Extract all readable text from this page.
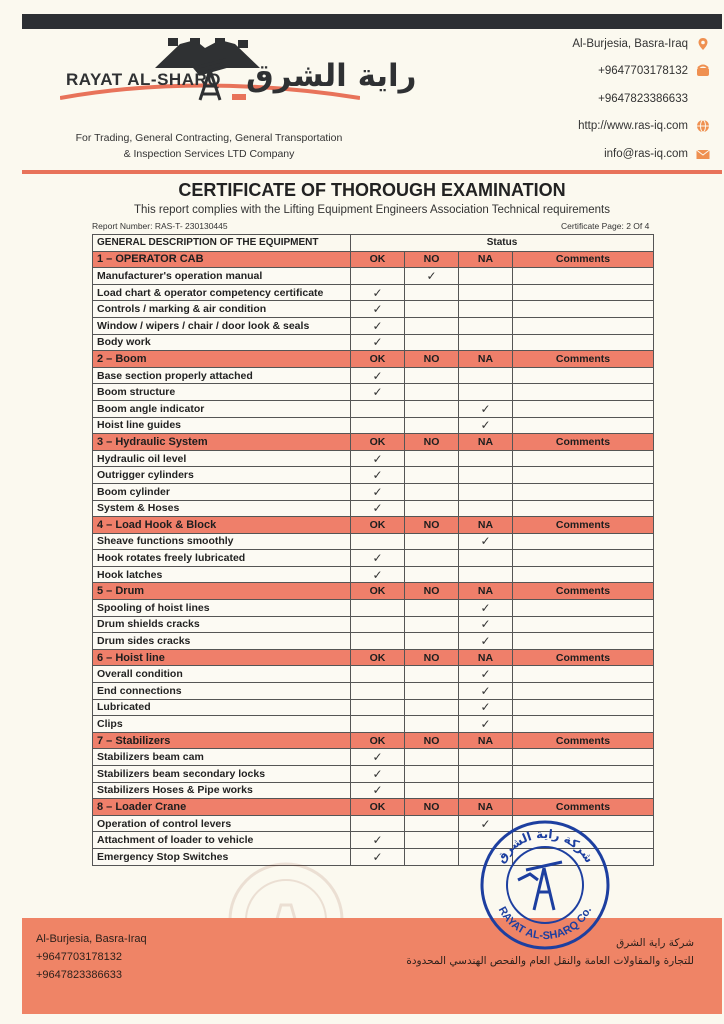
RAYAT AL-SHARQ راية الشرق
For Trading, General Contracting, General Transportation
& Inspection Services LTD Company
Al-Burjesia, Basra-Iraq
+9647703178132
+9647823386633
http://www.ras-iq.com
info@ras-iq.com
CERTIFICATE OF THOROUGH EXAMINATION
This report complies with the Lifting Equipment Engineers Association Technical requirements
Report Number: RAS-T- 230130445	Certificate Page: 2 Of 4
GENERAL DESCRIPTION OF THE EQUIPMENT	Status			
1 – OPERATOR CAB	OK	NO	NA	Comments
Manufacturer's operation manual		✓		
Load chart & operator competency certificate	✓			
Controls / marking & air condition	✓			
Window / wipers / chair / door look & seals	✓			
Body work	✓			
2 – Boom	OK	NO	NA	Comments
Base section properly attached	✓			
Boom structure	✓			
Boom angle indicator			✓	
Hoist line guides			✓	
3 – Hydraulic System	OK	NO	NA	Comments
Hydraulic oil level	✓			
Outrigger cylinders	✓			
Boom cylinder	✓			
System & Hoses	✓			
4 – Load Hook & Block	OK	NO	NA	Comments
Sheave functions smoothly			✓	
Hook rotates freely lubricated	✓			
Hook latches	✓			
5 – Drum	OK	NO	NA	Comments
Spooling of hoist lines			✓	
Drum shields cracks			✓	
Drum sides cracks			✓	
6 – Hoist line	OK	NO	NA	Comments
Overall condition			✓	
End connections			✓	
Lubricated			✓	
Clips			✓	
7 – Stabilizers	OK	NO	NA	Comments
Stabilizers beam cam	✓			
Stabilizers beam secondary locks	✓			
Stabilizers Hoses & Pipe works	✓			
8 – Loader Crane	OK	NO	NA	Comments
Operation of control levers			✓	
Attachment of loader to vehicle	✓			
Emergency Stop Switches	✓			
Al-Burjesia, Basra-Iraq
+9647703178132
+9647823386633
شركة راية الشرق
للتجارة والمقاولات العامة والنقل العام والفحص الهندسي المحدودة
شركة راية الشرق
RAYAT AL-SHARQ Co.
